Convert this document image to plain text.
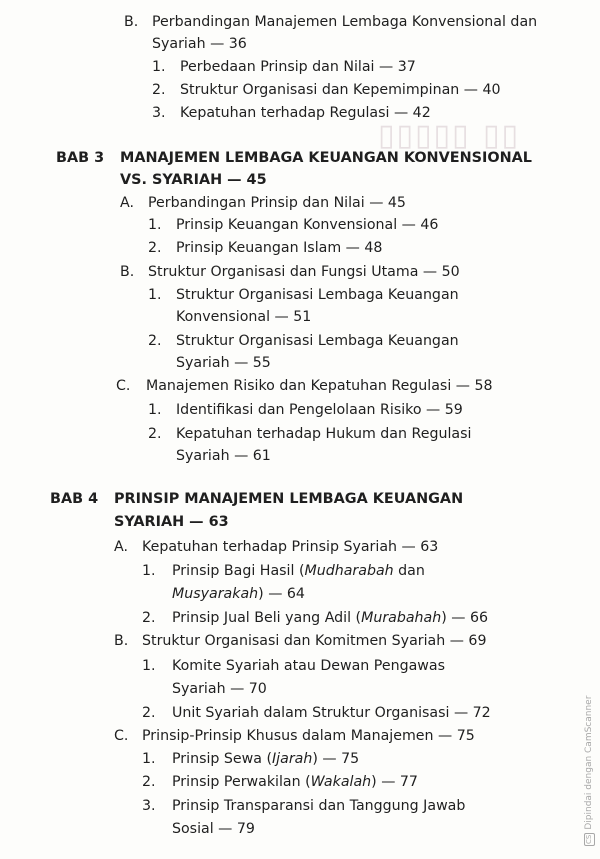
▯▯▯▯▯ ▯▯
B. Perbandingan Manajemen Lembaga Konvensional dan
Syariah — 36
1. Perbedaan Prinsip dan Nilai — 37
2. Struktur Organisasi dan Kepemimpinan — 40
3. Kepatuhan terhadap Regulasi — 42
BAB 3 MANAJEMEN LEMBAGA KEUANGAN KONVENSIONAL
VS. SYARIAH — 45
A. Perbandingan Prinsip dan Nilai — 45
1. Prinsip Keuangan Konvensional — 46
2. Prinsip Keuangan Islam — 48
B. Struktur Organisasi dan Fungsi Utama — 50
1. Struktur Organisasi Lembaga Keuangan
Konvensional — 51
2. Struktur Organisasi Lembaga Keuangan
Syariah — 55
C. Manajemen Risiko dan Kepatuhan Regulasi — 58
1. Identifikasi dan Pengelolaan Risiko — 59
2. Kepatuhan terhadap Hukum dan Regulasi
Syariah — 61
BAB 4 PRINSIP MANAJEMEN LEMBAGA KEUANGAN
SYARIAH — 63
A. Kepatuhan terhadap Prinsip Syariah — 63
1. Prinsip Bagi Hasil (Mudharabah dan
Musyarakah) — 64
2. Prinsip Jual Beli yang Adil (Murabahah) — 66
B. Struktur Organisasi dan Komitmen Syariah — 69
1. Komite Syariah atau Dewan Pengawas
Syariah — 70
2. Unit Syariah dalam Struktur Organisasi — 72
C. Prinsip-Prinsip Khusus dalam Manajemen — 75
1. Prinsip Sewa (Ijarah) — 75
2. Prinsip Perwakilan (Wakalah) — 77
3. Prinsip Transparansi dan Tanggung Jawab
Sosial — 79
CSDipindai dengan CamScanner
